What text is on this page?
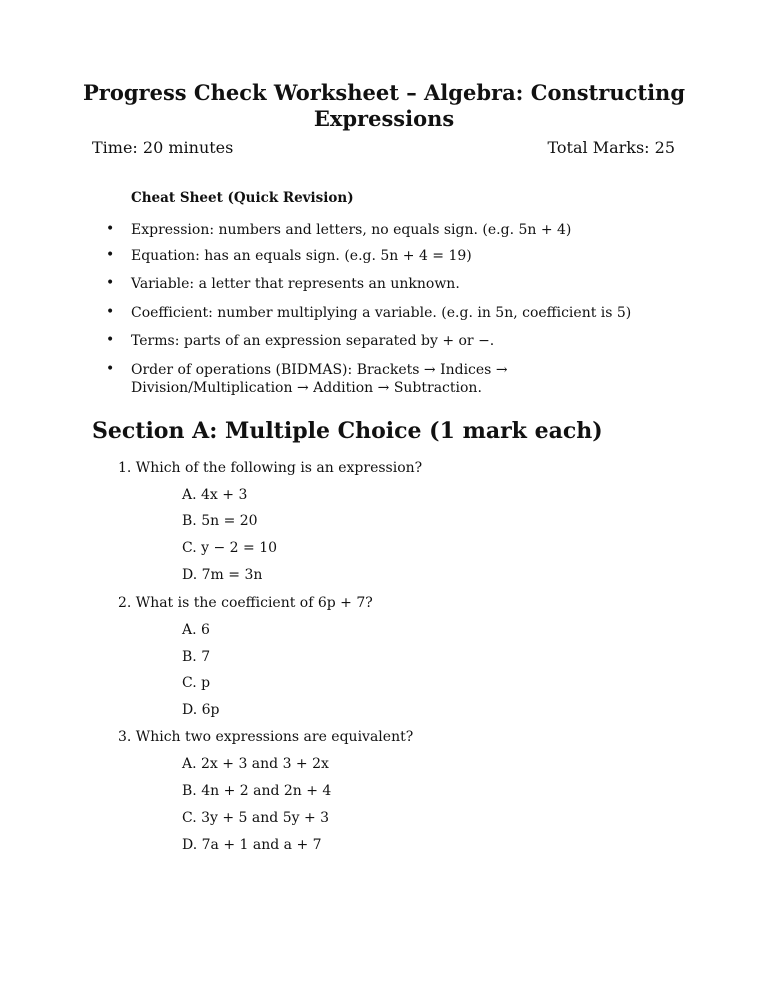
Progress Check Worksheet – Algebra: Constructing Expressions
Time: 20 minutes	Total Marks: 25
Cheat Sheet (Quick Revision)
• Expression: numbers and letters, no equals sign. (e.g. 5n + 4)
• Equation: has an equals sign. (e.g. 5n + 4 = 19)
• Variable: a letter that represents an unknown.
• Coefficient: number multiplying a variable. (e.g. in 5n, coefficient is 5)
• Terms: parts of an expression separated by + or −.
• Order of operations (BIDMAS): Brackets → Indices → Division/Multiplication → Addition → Subtraction.
Section A: Multiple Choice (1 mark each)
1. Which of the following is an expression?
A. 4x + 3
B. 5n = 20
C. y − 2 = 10
D. 7m = 3n
2. What is the coefficient of 6p + 7?
A. 6
B. 7
C. p
D. 6p
3. Which two expressions are equivalent?
A. 2x + 3 and 3 + 2x
B. 4n + 2 and 2n + 4
C. 3y + 5 and 5y + 3
D. 7a + 1 and a + 7
